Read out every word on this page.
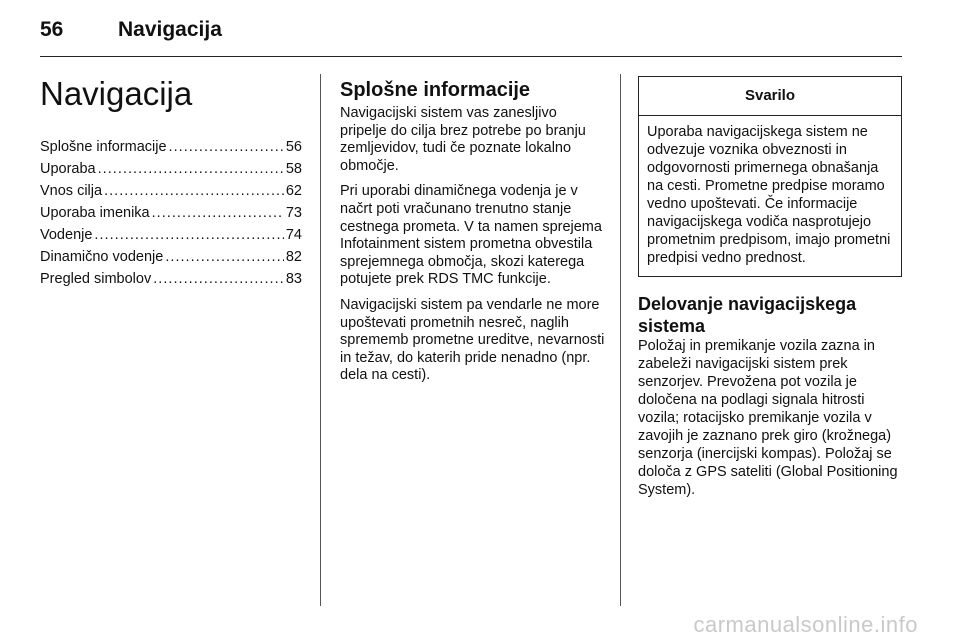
56	Navigacija
Navigacija
Splošne informacije . . .	56
Uporaba . . .	58
Vnos cilja . . .	62
Uporaba imenika . . .	73
Vodenje . . .	74
Dinamično vodenje . . .	82
Pregled simbolov . . .	83
Splošne informacije

Navigacijski sistem vas zanesljivo pripelje do cilja brez potrebe po branju zemljevidov, tudi če poznate lokalno območje.

Pri uporabi dinamičnega vodenja je v načrt poti vračunano trenutno stanje cestnega prometa. V ta namen sprejema Infotainment sistem prometna obvestila sprejemnega območja, skozi katerega potujete prek RDS TMC funkcije.

Navigacijski sistem pa vendarle ne more upoštevati prometnih nesreč, naglih sprememb prometne ureditve, nevarnosti in težav, do katerih pride nenadno (npr. dela na cesti).

Svarilo
Uporaba navigacijskega sistem ne odvezuje voznika obveznosti in odgovornosti primernega obnašanja na cesti. Prometne predpise moramo vedno upoštevati. Če informacije navigacijskega vodiča nasprotujejo prometnim predpisom, imajo prometni predpisi vedno prednost.
Delovanje navigacijskega sistema

Položaj in premikanje vozila zazna in zabeleži navigacijski sistem prek senzorjev. Prevožena pot vozila je določena na podlagi signala hitrosti vozila; rotacijsko premikanje vozila v zavojih je zaznano prek giro (krožnega) senzorja (inercijski kompas). Položaj se določa z GPS sateliti (Global Positioning System).

carmanualsonline.info
